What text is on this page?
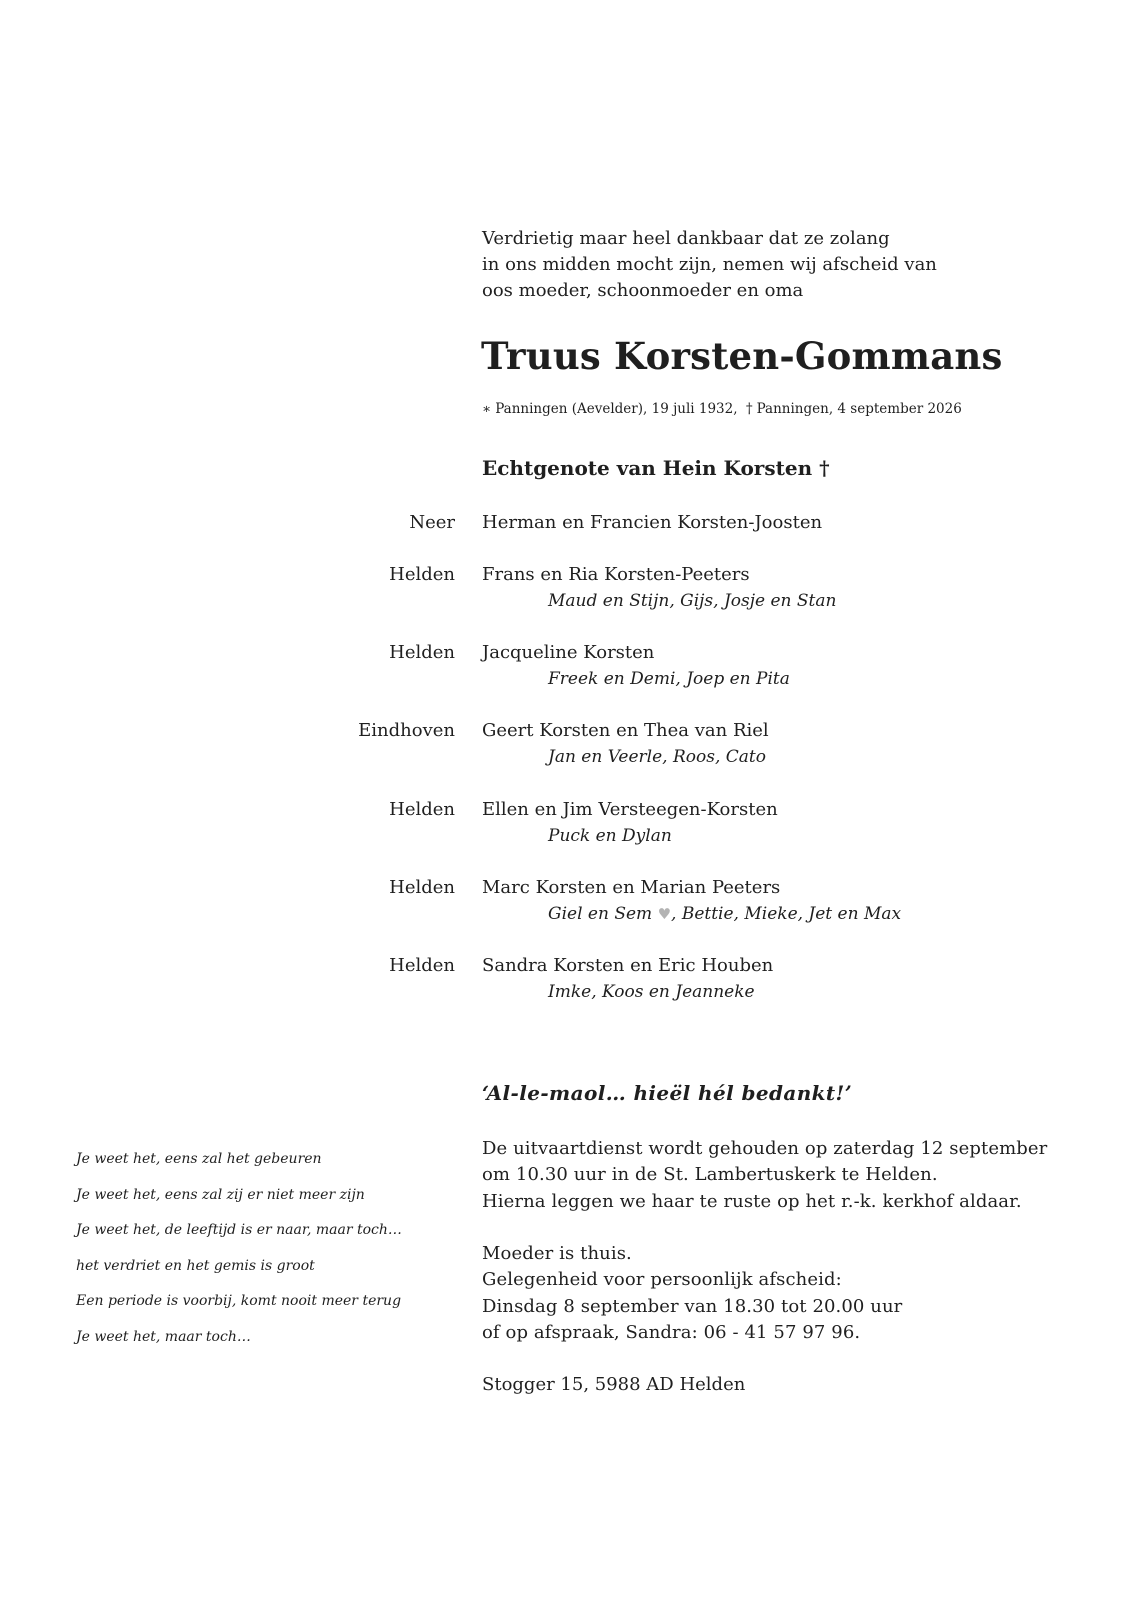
Verdrietig maar heel dankbaar dat ze zolang
in ons midden mocht zijn, nemen wij afscheid van
oos moeder, schoonmoeder en oma
Truus Korsten-Gommans
∗ Panningen (Aevelder), 19 juli 1932, † Panningen, 4 september 2026
Echtgenote van Hein Korsten †
Neer Herman en Francien Korsten-Joosten
Helden Frans en Ria Korsten-Peeters
Maud en Stijn, Gijs, Josje en Stan
Helden Jacqueline Korsten
Freek en Demi, Joep en Pita
Eindhoven Geert Korsten en Thea van Riel
Jan en Veerle, Roos, Cato
Helden Ellen en Jim Versteegen-Korsten
Puck en Dylan
Helden Marc Korsten en Marian Peeters
Giel en Sem ♥, Bettie, Mieke, Jet en Max
Helden Sandra Korsten en Eric Houben
Imke, Koos en Jeanneke
‘Al-le-maol… hieël hél bedankt!’
Je weet het, eens zal het gebeuren
Je weet het, eens zal zij er niet meer zijn
Je weet het, de leeftijd is er naar, maar toch…
het verdriet en het gemis is groot
Een periode is voorbij, komt nooit meer terug
Je weet het, maar toch…
De uitvaartdienst wordt gehouden op zaterdag 12 september
om 10.30 uur in de St. Lambertuskerk te Helden.
Hierna leggen we haar te ruste op het r.-k. kerkhof aldaar.
Moeder is thuis.
Gelegenheid voor persoonlijk afscheid:
Dinsdag 8 september van 18.30 tot 20.00 uur
of op afspraak, Sandra: 06 - 41 57 97 96.
Stogger 15, 5988 AD Helden
